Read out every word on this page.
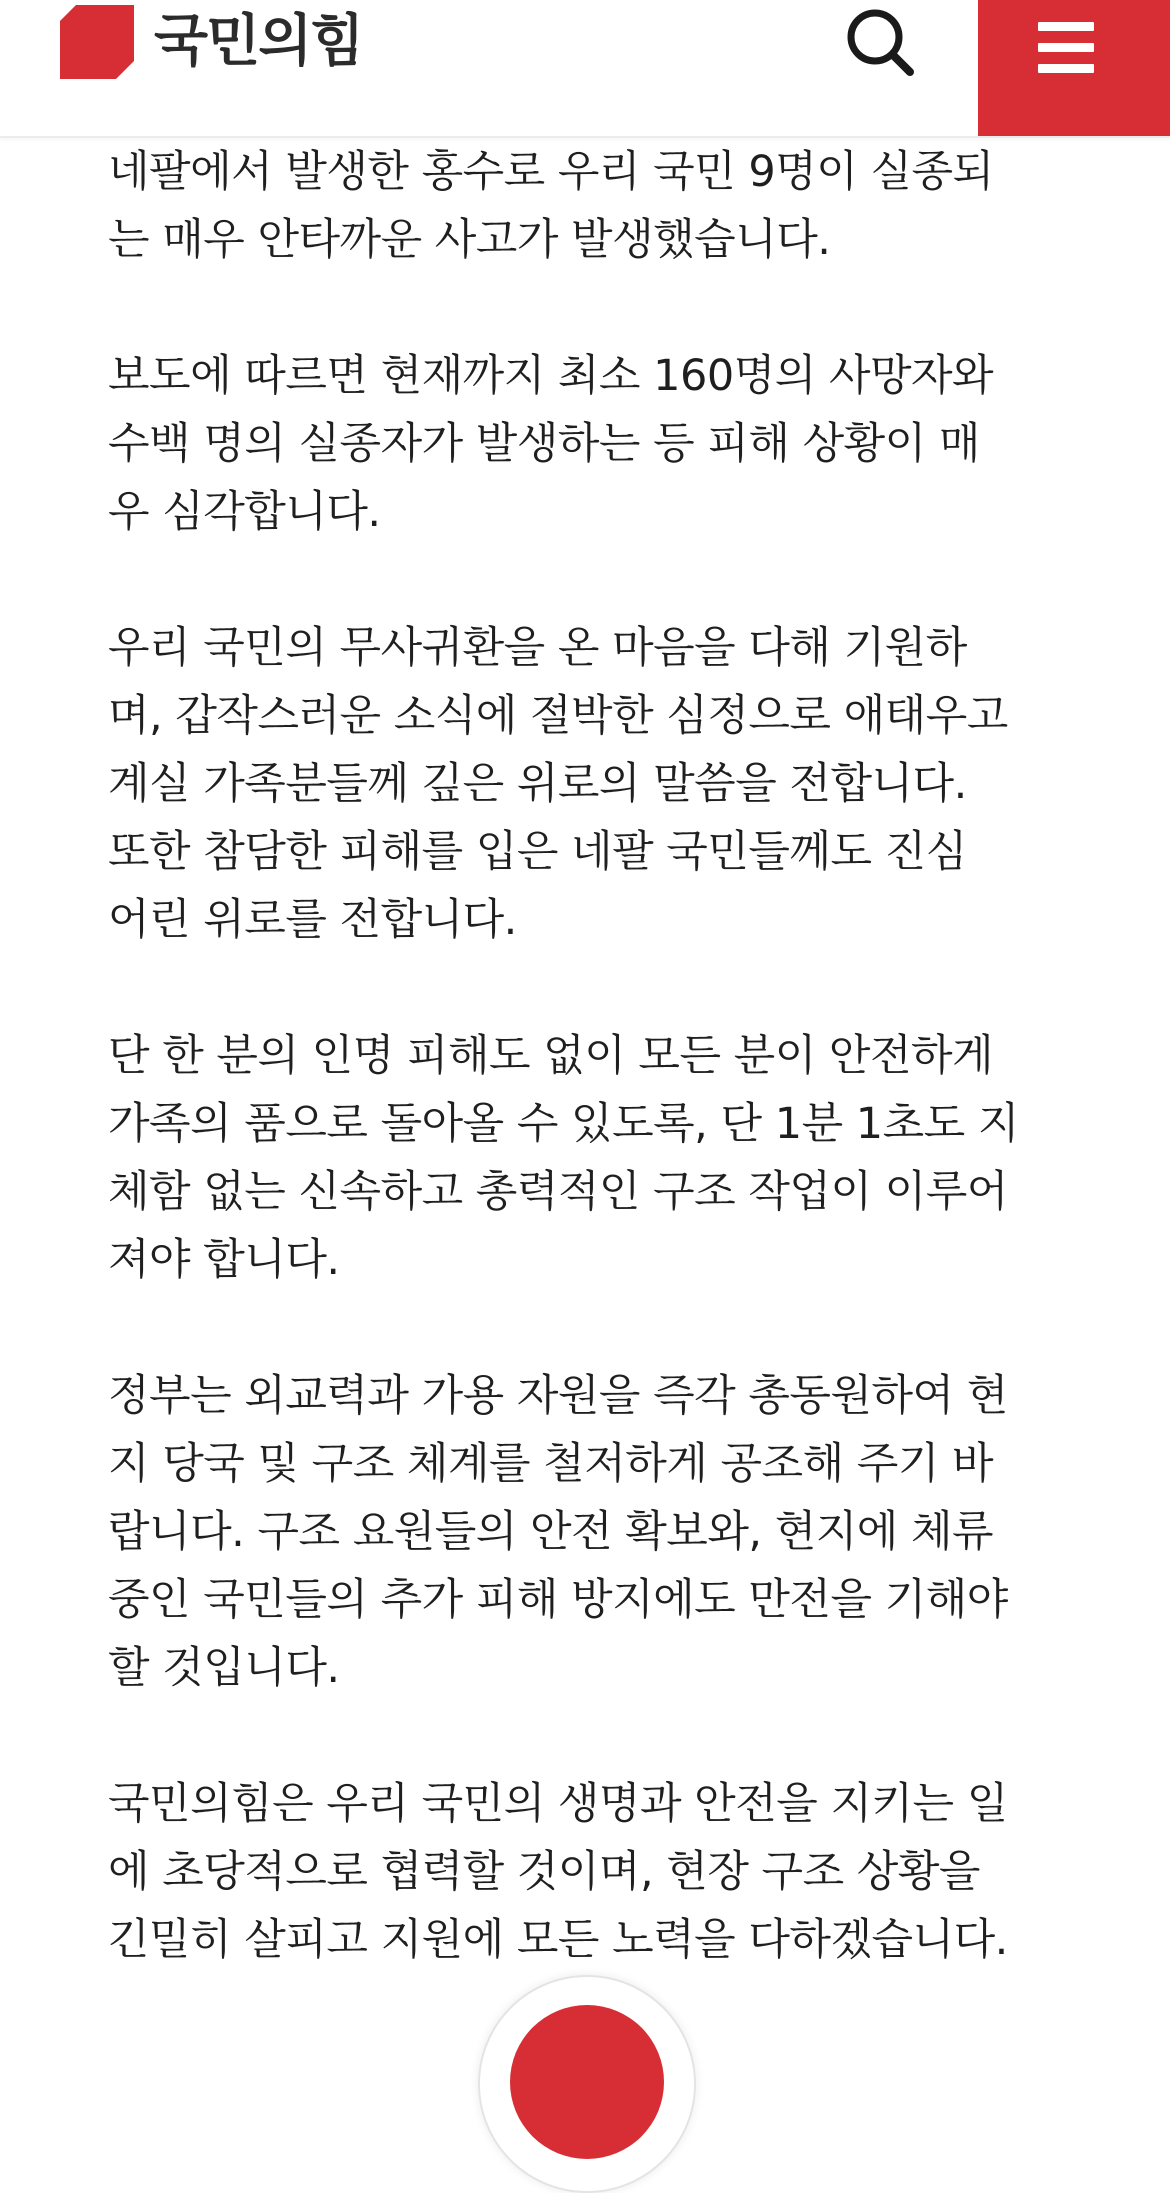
국민의힘
네팔에서 발생한 홍수로 우리 국민 9명이 실종되
는 매우 안타까운 사고가 발생했습니다.
보도에 따르면 현재까지 최소 160명의 사망자와
수백 명의 실종자가 발생하는 등 피해 상황이 매
우 심각합니다.
우리 국민의 무사귀환을 온 마음을 다해 기원하
며, 갑작스러운 소식에 절박한 심정으로 애태우고
계실 가족분들께 깊은 위로의 말씀을 전합니다.
또한 참담한 피해를 입은 네팔 국민들께도 진심
어린 위로를 전합니다.
단 한 분의 인명 피해도 없이 모든 분이 안전하게
가족의 품으로 돌아올 수 있도록, 단 1분 1초도 지
체함 없는 신속하고 총력적인 구조 작업이 이루어
져야 합니다.
정부는 외교력과 가용 자원을 즉각 총동원하여 현
지 당국 및 구조 체계를 철저하게 공조해 주기 바
랍니다. 구조 요원들의 안전 확보와, 현지에 체류
중인 국민들의 추가 피해 방지에도 만전을 기해야
할 것입니다.
국민의힘은 우리 국민의 생명과 안전을 지키는 일
에 초당적으로 협력할 것이며, 현장 구조 상황을
긴밀히 살피고 지원에 모든 노력을 다하겠습니다.
